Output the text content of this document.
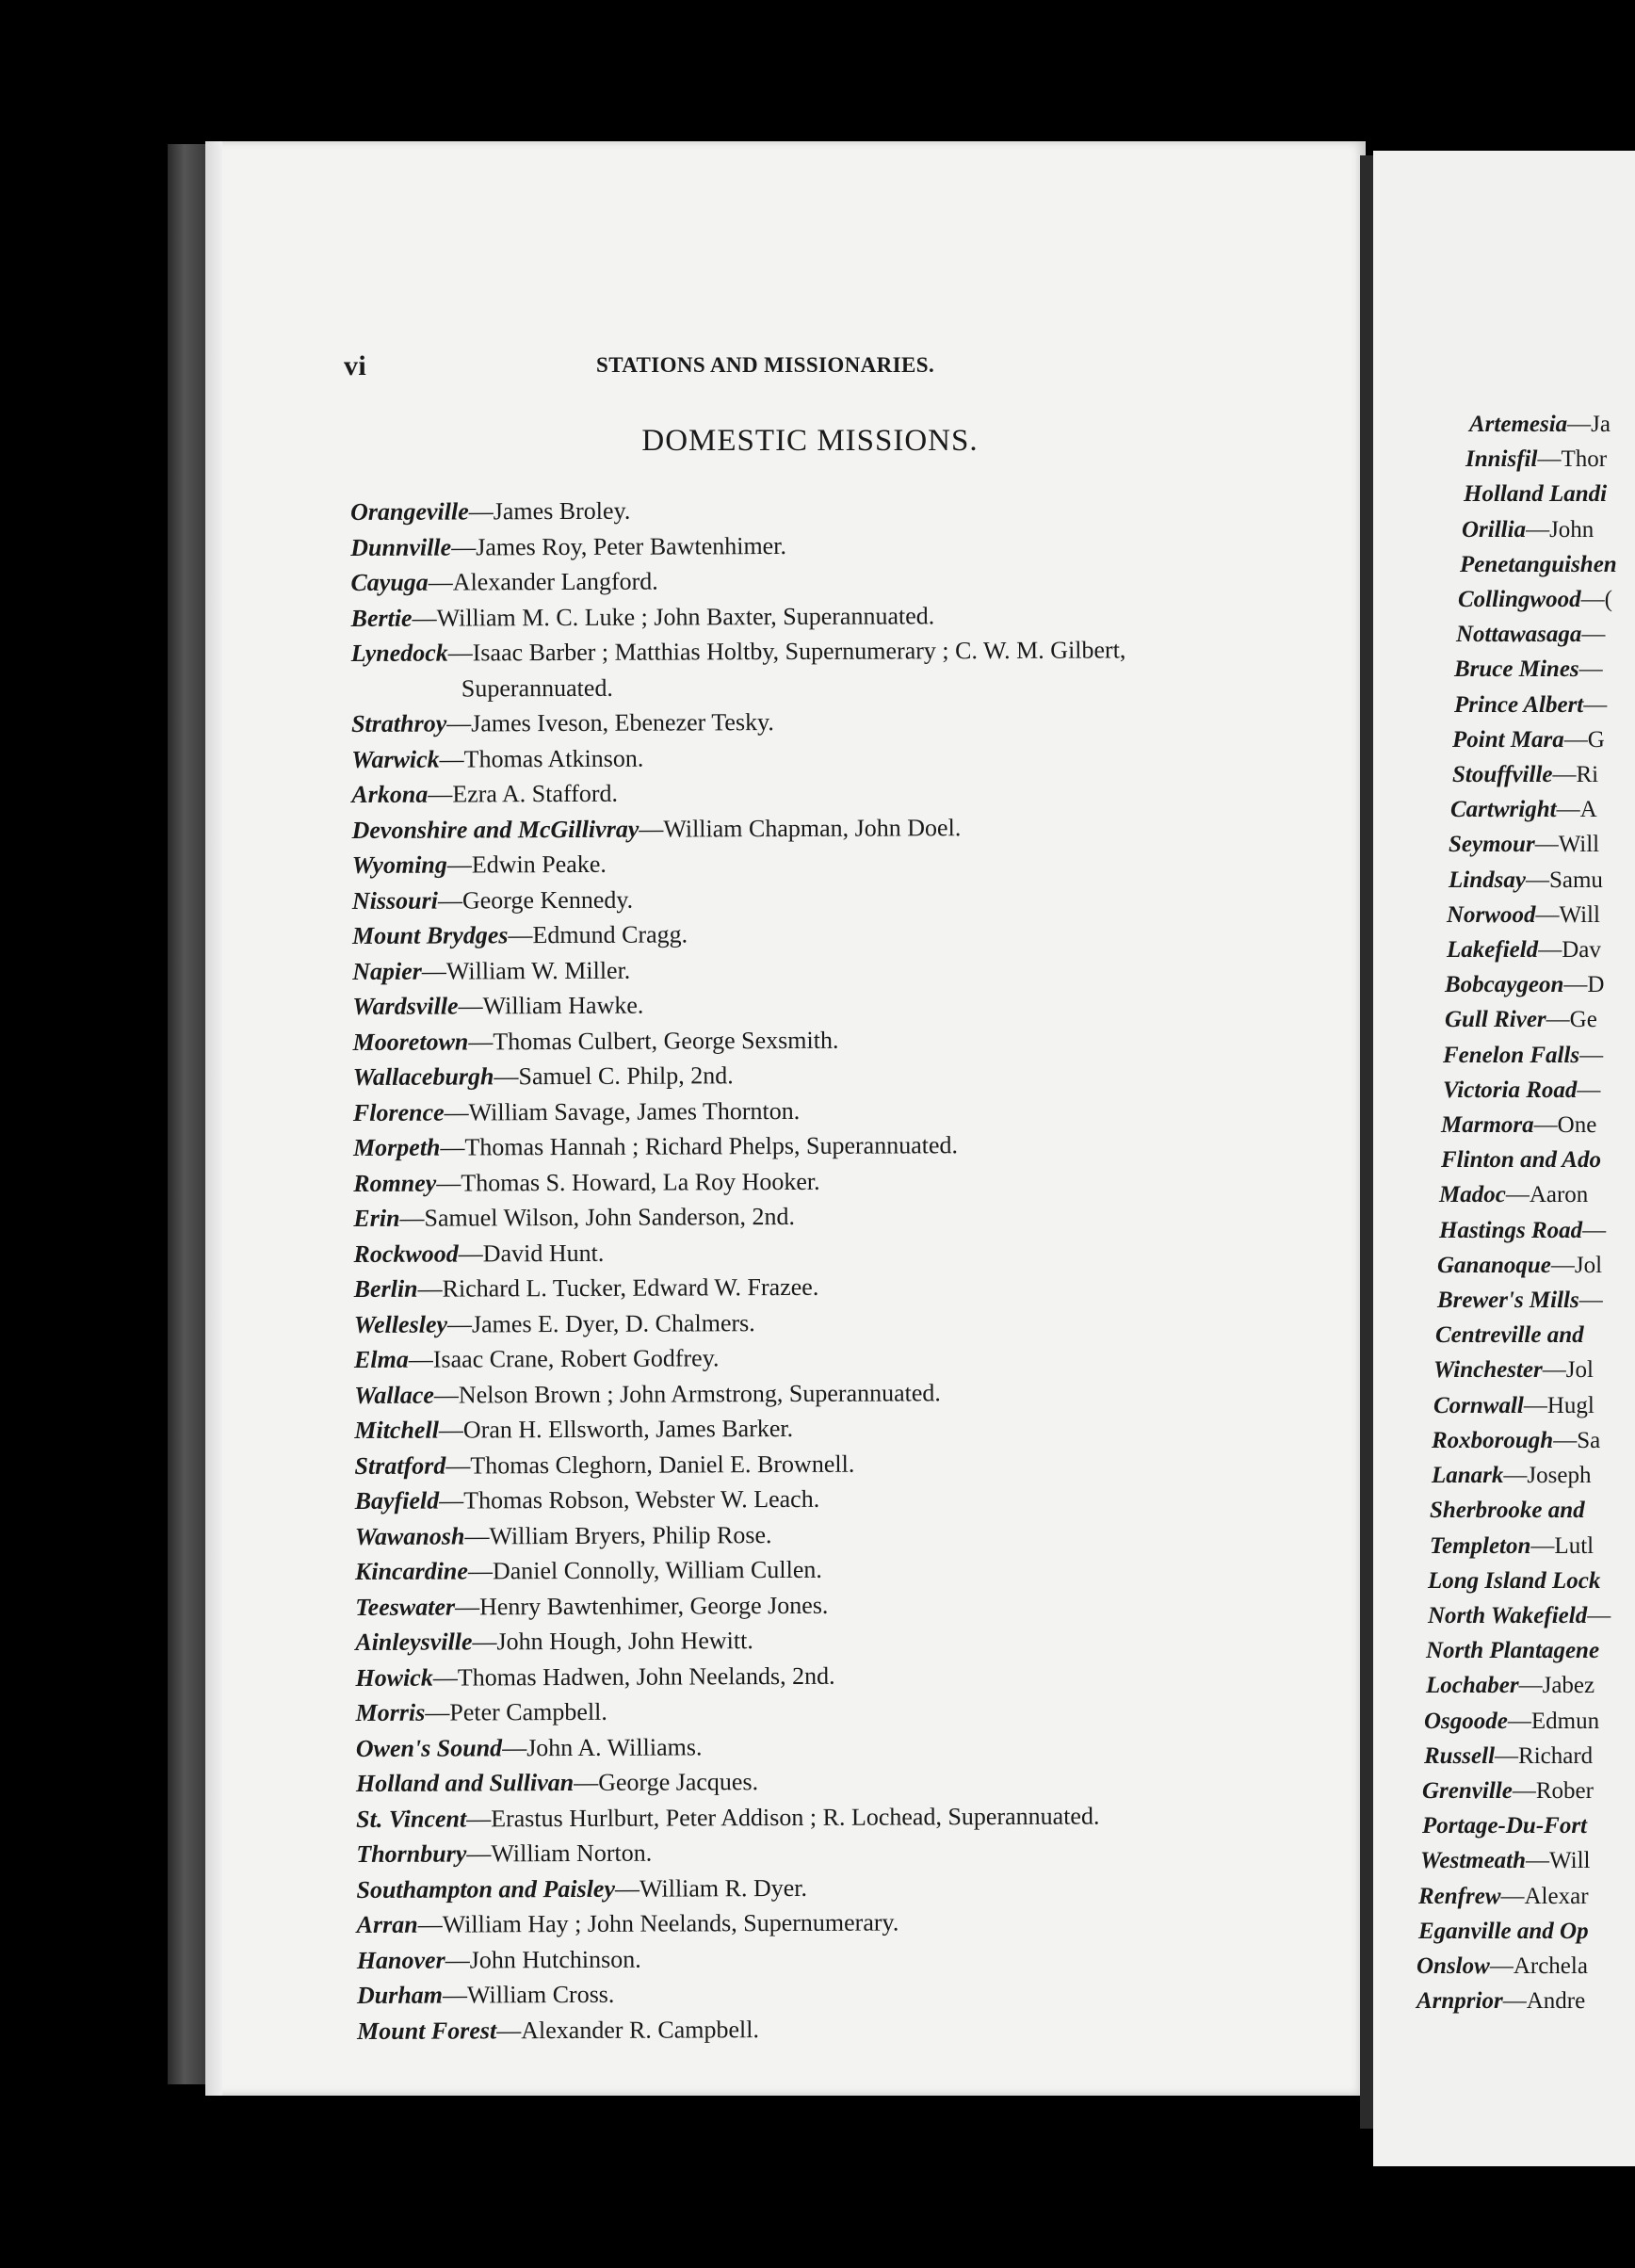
vi	STATIONS AND MISSIONARIES.
DOMESTIC MISSIONS.
Orangeville—James Broley.
Dunnville—James Roy, Peter Bawtenhimer.
Cayuga—Alexander Langford.
Bertie—William M. C. Luke ; John Baxter, Superannuated.
Lynedock—Isaac Barber ; Matthias Holtby, Supernumerary ; C. W. M. Gilbert,
Superannuated.
Strathroy—James Iveson, Ebenezer Tesky.
Warwick—Thomas Atkinson.
Arkona—Ezra A. Stafford.
Devonshire and McGillivray—William Chapman, John Doel.
Wyoming—Edwin Peake.
Nissouri—George Kennedy.
Mount Brydges—Edmund Cragg.
Napier—William W. Miller.
Wardsville—William Hawke.
Mooretown—Thomas Culbert, George Sexsmith.
Wallaceburgh—Samuel C. Philp, 2nd.
Florence—William Savage, James Thornton.
Morpeth—Thomas Hannah ; Richard Phelps, Superannuated.
Romney—Thomas S. Howard, La Roy Hooker.
Erin—Samuel Wilson, John Sanderson, 2nd.
Rockwood—David Hunt.
Berlin—Richard L. Tucker, Edward W. Frazee.
Wellesley—James E. Dyer, D. Chalmers.
Elma—Isaac Crane, Robert Godfrey.
Wallace—Nelson Brown ; John Armstrong, Superannuated.
Mitchell—Oran H. Ellsworth, James Barker.
Stratford—Thomas Cleghorn, Daniel E. Brownell.
Bayfield—Thomas Robson, Webster W. Leach.
Wawanosh—William Bryers, Philip Rose.
Kincardine—Daniel Connolly, William Cullen.
Teeswater—Henry Bawtenhimer, George Jones.
Ainleysville—John Hough, John Hewitt.
Howick—Thomas Hadwen, John Neelands, 2nd.
Morris—Peter Campbell.
Owen's Sound—John A. Williams.
Holland and Sullivan—George Jacques.
St. Vincent—Erastus Hurlburt, Peter Addison ; R. Lochead, Superannuated.
Thornbury—William Norton.
Southampton and Paisley—William R. Dyer.
Arran—William Hay ; John Neelands, Supernumerary.
Hanover—John Hutchinson.
Durham—William Cross.
Mount Forest—Alexander R. Campbell.
Artemesia—Ja
Innisfil—Thor
Holland Landi
Orillia—John
Penetanguishen
Collingwood—(
Nottawasaga—
Bruce Mines—
Prince Albert—
Point Mara—G
Stouffville—Ri
Cartwright—A
Seymour—Will
Lindsay—Samu
Norwood—Will
Lakefield—Dav
Bobcaygeon—D
Gull River—Ge
Fenelon Falls—
Victoria Road—
Marmora—One
Flinton and Ado
Madoc—Aaron
Hastings Road—
Gananoque—Jol
Brewer's Mills—
Centreville and
Winchester—Jol
Cornwall—Hugl
Roxborough—Sa
Lanark—Joseph
Sherbrooke and
Templeton—Lutl
Long Island Lock
North Wakefield—
North Plantagene
Lochaber—Jabez
Osgoode—Edmun
Russell—Richard
Grenville—Rober
Portage-Du-Fort
Westmeath—Will
Renfrew—Alexar
Eganville and Op
Onslow—Archela
Arnprior—Andre
